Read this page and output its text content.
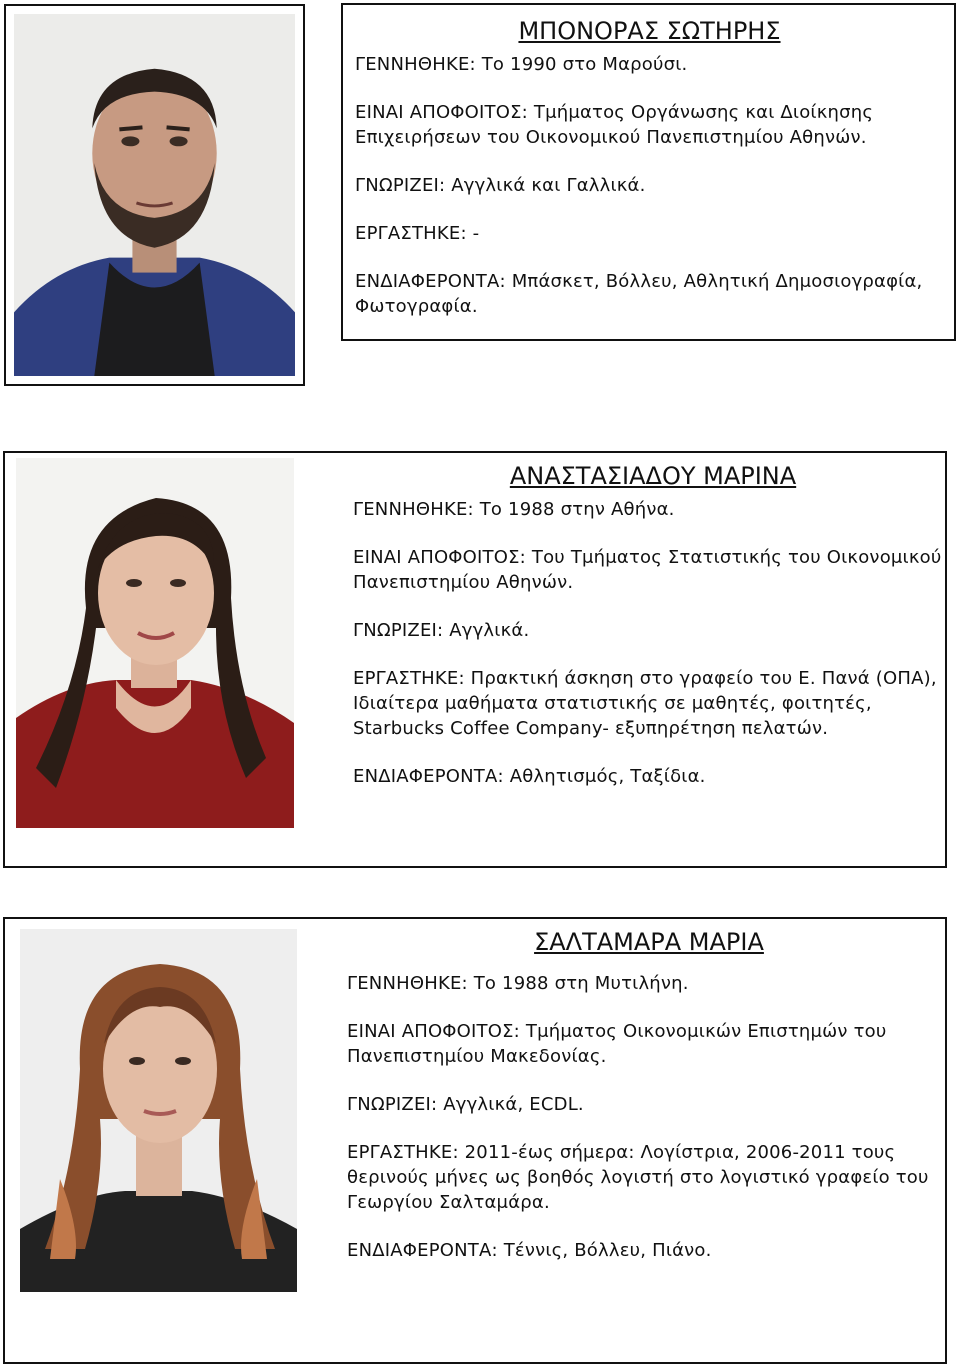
ΜΠΟΝΟΡΑΣ ΣΩΤΗΡΗΣ

ΓΕΝΝΗΘΗΚΕ: Το 1990 στο Μαρούσι.

ΕΙΝΑΙ ΑΠΟΦΟΙΤΟΣ: Τμήματος Οργάνωσης και Διοίκησης Επιχειρήσεων του Οικονομικού Πανεπιστημίου Αθηνών.

ΓΝΩΡΙΖΕΙ: Αγγλικά και Γαλλικά.

ΕΡΓΑΣΤΗΚΕ: -

ΕΝΔΙΑΦΕΡΟΝΤΑ: Μπάσκετ, Βόλλευ, Αθλητική Δημοσιογραφία, Φωτογραφία.

ΑΝΑΣΤΑΣΙΑΔΟΥ ΜΑΡΙΝΑ

ΓΕΝΝΗΘΗΚΕ: Το 1988 στην Αθήνα.

ΕΙΝΑΙ ΑΠΟΦΟΙΤΟΣ: Του Τμήματος Στατιστικής του Οικονομικού Πανεπιστημίου Αθηνών.

ΓΝΩΡΙΖΕΙ: Αγγλικά.

ΕΡΓΑΣΤΗΚΕ: Πρακτική άσκηση στο γραφείο του Ε. Πανά (ΟΠΑ), Ιδιαίτερα μαθήματα στατιστικής σε μαθητές, φοιτητές, Starbucks Coffee Company- εξυπηρέτηση πελατών.

ΕΝΔΙΑΦΕΡΟΝΤΑ: Αθλητισμός, Ταξίδια.

ΣΑΛΤΑΜΑΡΑ ΜΑΡΙΑ

ΓΕΝΝΗΘΗΚΕ: Το 1988 στη Μυτιλήνη.

ΕΙΝΑΙ ΑΠΟΦΟΙΤΟΣ: Τμήματος Οικονομικών Επιστημών του Πανεπιστημίου Μακεδονίας.

ΓΝΩΡΙΖΕΙ: Αγγλικά, ECDL.

ΕΡΓΑΣΤΗΚΕ: 2011-έως σήμερα: Λογίστρια, 2006-2011 τους θερινούς μήνες ως βοηθός λογιστή στο λογιστικό γραφείο του Γεωργίου Σαλταμάρα.

ΕΝΔΙΑΦΕΡΟΝΤΑ: Τέννις, Βόλλευ, Πιάνο.
